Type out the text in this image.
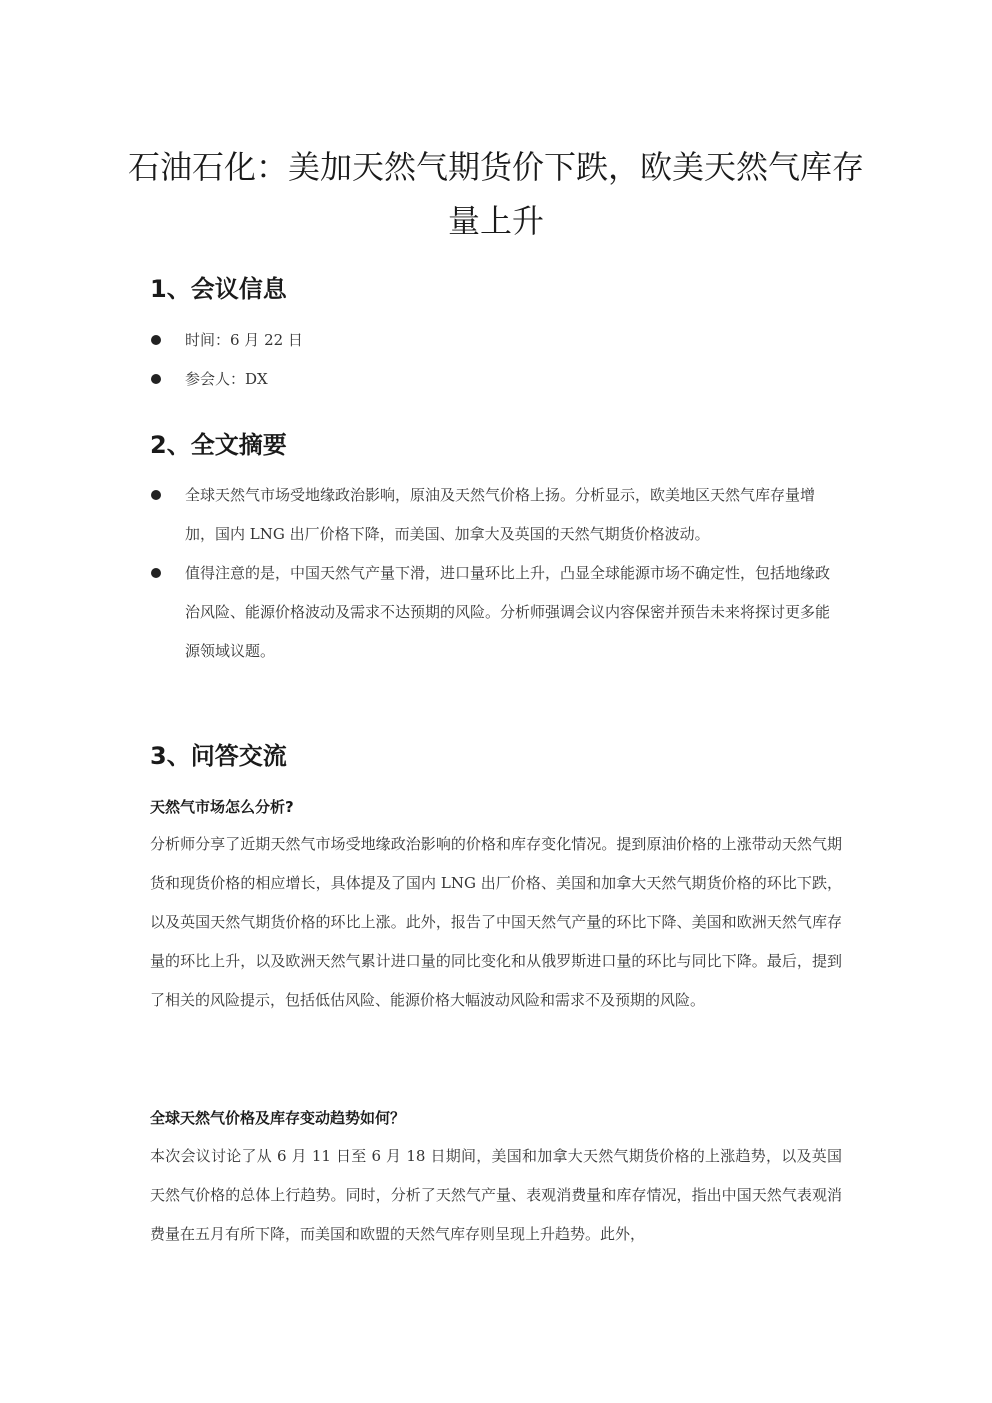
石油石化：美加天然气期货价下跌，欧美天然气库存量上升
1、会议信息
时间：6 月 22 日
参会人：DX
2、全文摘要
全球天然气市场受地缘政治影响，原油及天然气价格上扬。分析显示，欧美地区天然气库存量增加，国内 LNG 出厂价格下降，而美国、加拿大及英国的天然气期货价格波动。
值得注意的是，中国天然气产量下滑，进口量环比上升，凸显全球能源市场不确定性，包括地缘政治风险、能源价格波动及需求不达预期的风险。分析师强调会议内容保密并预告未来将探讨更多能源领域议题。
3、问答交流

天然气市场怎么分析?

分析师分享了近期天然气市场受地缘政治影响的价格和库存变化情况。提到原油价格的上涨带动天然气期货和现货价格的相应增长，具体提及了国内 LNG 出厂价格、美国和加拿大天然气期货价格的环比下跌，以及英国天然气期货价格的环比上涨。此外，报告了中国天然气产量的环比下降、美国和欧洲天然气库存量的环比上升，以及欧洲天然气累计进口量的同比变化和从俄罗斯进口量的环比与同比下降。最后，提到了相关的风险提示，包括低估风险、能源价格大幅波动风险和需求不及预期的风险。

全球天然气价格及库存变动趋势如何？

本次会议讨论了从 6 月 11 日至 6 月 18 日期间，美国和加拿大天然气期货价格的上涨趋势，以及英国天然气价格的总体上行趋势。同时，分析了天然气产量、表观消费量和库存情况，指出中国天然气表观消费量在五月有所下降，而美国和欧盟的天然气库存则呈现上升趋势。此外，
